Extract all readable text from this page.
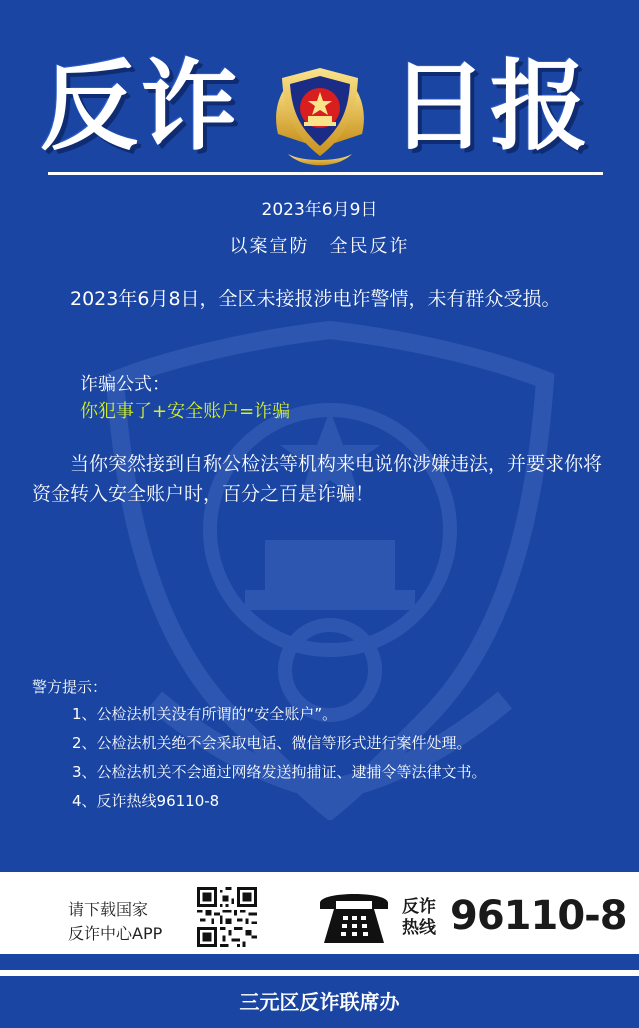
反诈 日报
2023年6月9日
以案宣防　全民反诈
2023年6月8日，全区未接报涉电诈警情，未有群众受损。
诈骗公式：
你犯事了+安全账户=诈骗
当你突然接到自称公检法等机构来电说你涉嫌违法，并要求你将资金转入安全账户时，百分之百是诈骗！
警方提示：
1、公检法机关没有所谓的“安全账户”。
2、公检法机关绝不会采取电话、微信等形式进行案件处理。
3、公检法机关不会通过网络发送拘捕证、逮捕令等法律文书。
4、反诈热线96110-8
请下载国家
反诈中心APP
反诈
热线 96110-8
三元区反诈联席办
